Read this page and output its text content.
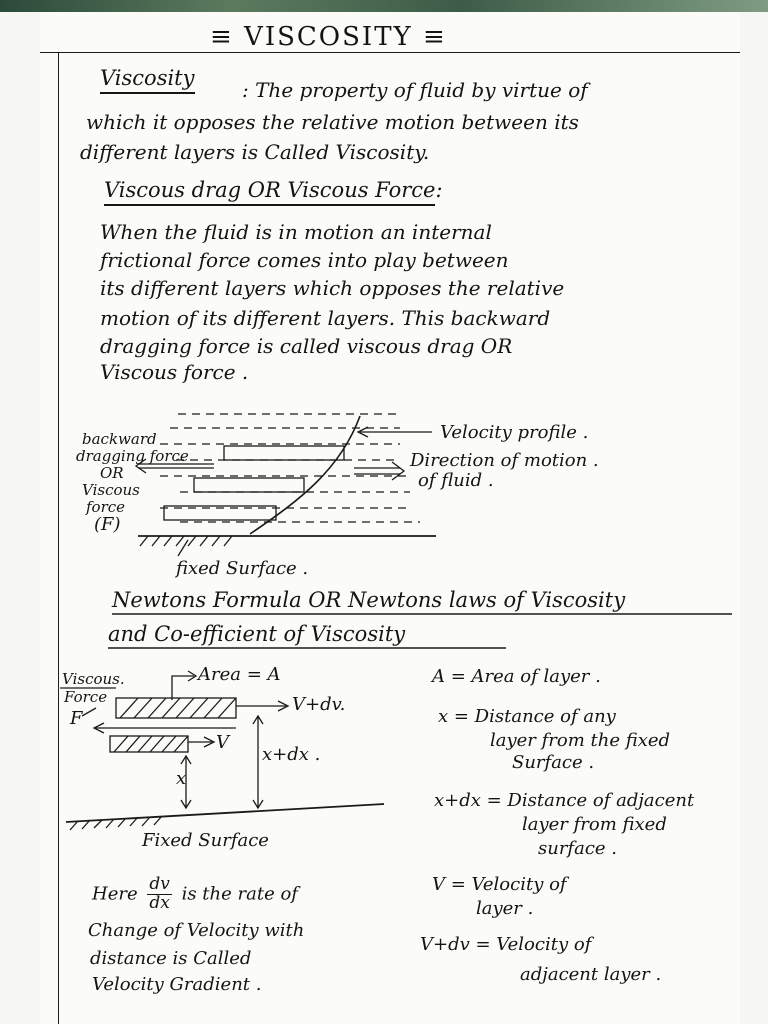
≡ VISCOSITY ≡
Viscosity : The property of fluid by virtue of
which it opposes the relative motion between its
different layers is Called Viscosity.
Viscous drag OR Viscous Force:
When the fluid is in motion an internal
frictional force comes into play between
its different layers which opposes the relative
motion of its different layers. This backward
dragging force is called viscous drag OR
Viscous force .
backward
dragging force
OR
Viscous
force
(F)
Velocity profile .
Direction of motion .
of fluid .
fixed Surface .
Newtons Formula OR Newtons laws of Viscosity
and Co-efficient of Viscosity
Viscous.
Force
F
Area = A
V+dv.
V
x+dx .
x
Fixed Surface
A = Area of layer .
x = Distance of any
layer from the fixed
Surface .
x+dx = Distance of adjacent
layer from fixed
surface .
V = Velocity of
layer .
V+dv = Velocity of
adjacent layer .
Here $\frac{dv}{dx}$ is the rate of
Change of Velocity with
distance is Called
Velocity Gradient .
